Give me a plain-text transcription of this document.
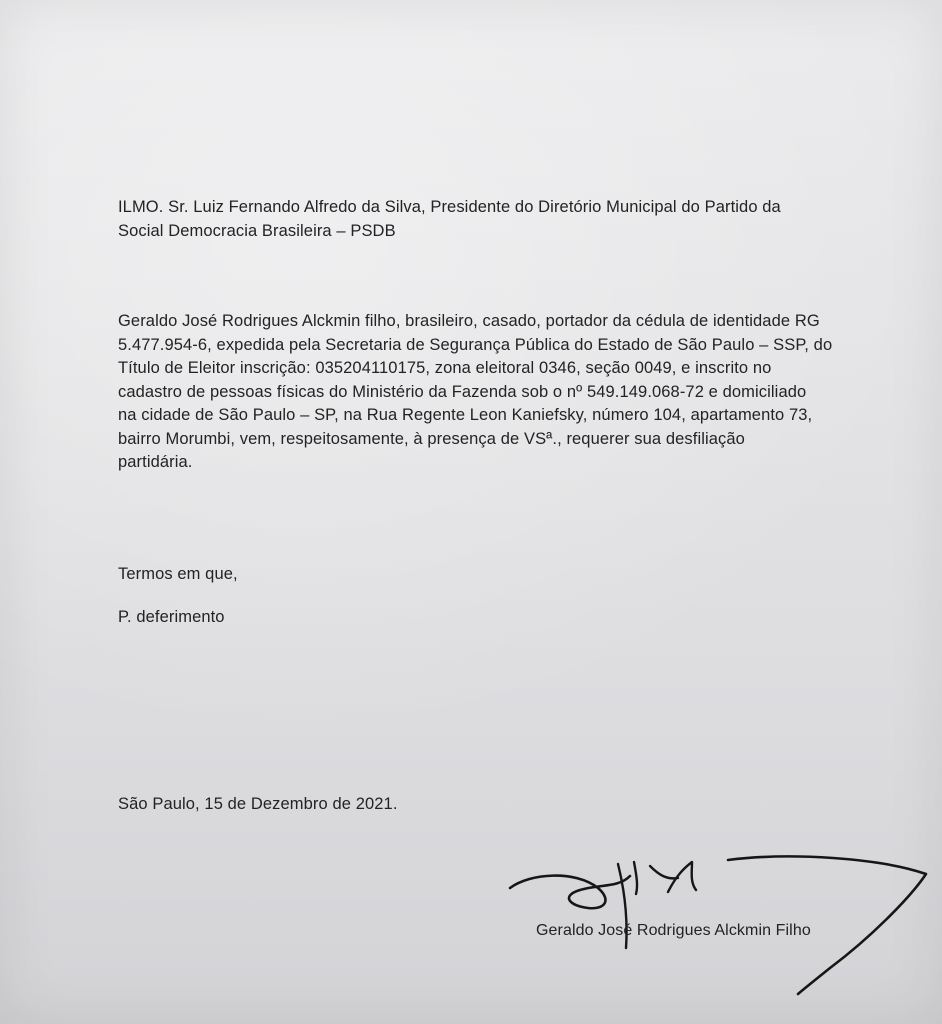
ILMO. Sr. Luiz Fernando Alfredo da Silva, Presidente do Diretório Municipal do Partido da
Social Democracia Brasileira – PSDB
Geraldo José Rodrigues Alckmin filho, brasileiro, casado, portador da cédula de identidade RG
5.477.954-6, expedida pela Secretaria de Segurança Pública do Estado de São Paulo – SSP, do
Título de Eleitor inscrição: 035204110175, zona eleitoral 0346, seção 0049, e inscrito no
cadastro de pessoas físicas do Ministério da Fazenda sob o nº 549.149.068-72 e domiciliado
na cidade de São Paulo – SP, na Rua Regente Leon Kaniefsky, número 104, apartamento 73,
bairro Morumbi, vem, respeitosamente, à presença de VSª., requerer sua desfiliação
partidária.
Termos em que,
P. deferimento
São Paulo, 15 de Dezembro de 2021.
Geraldo José Rodrigues Alckmin Filho
